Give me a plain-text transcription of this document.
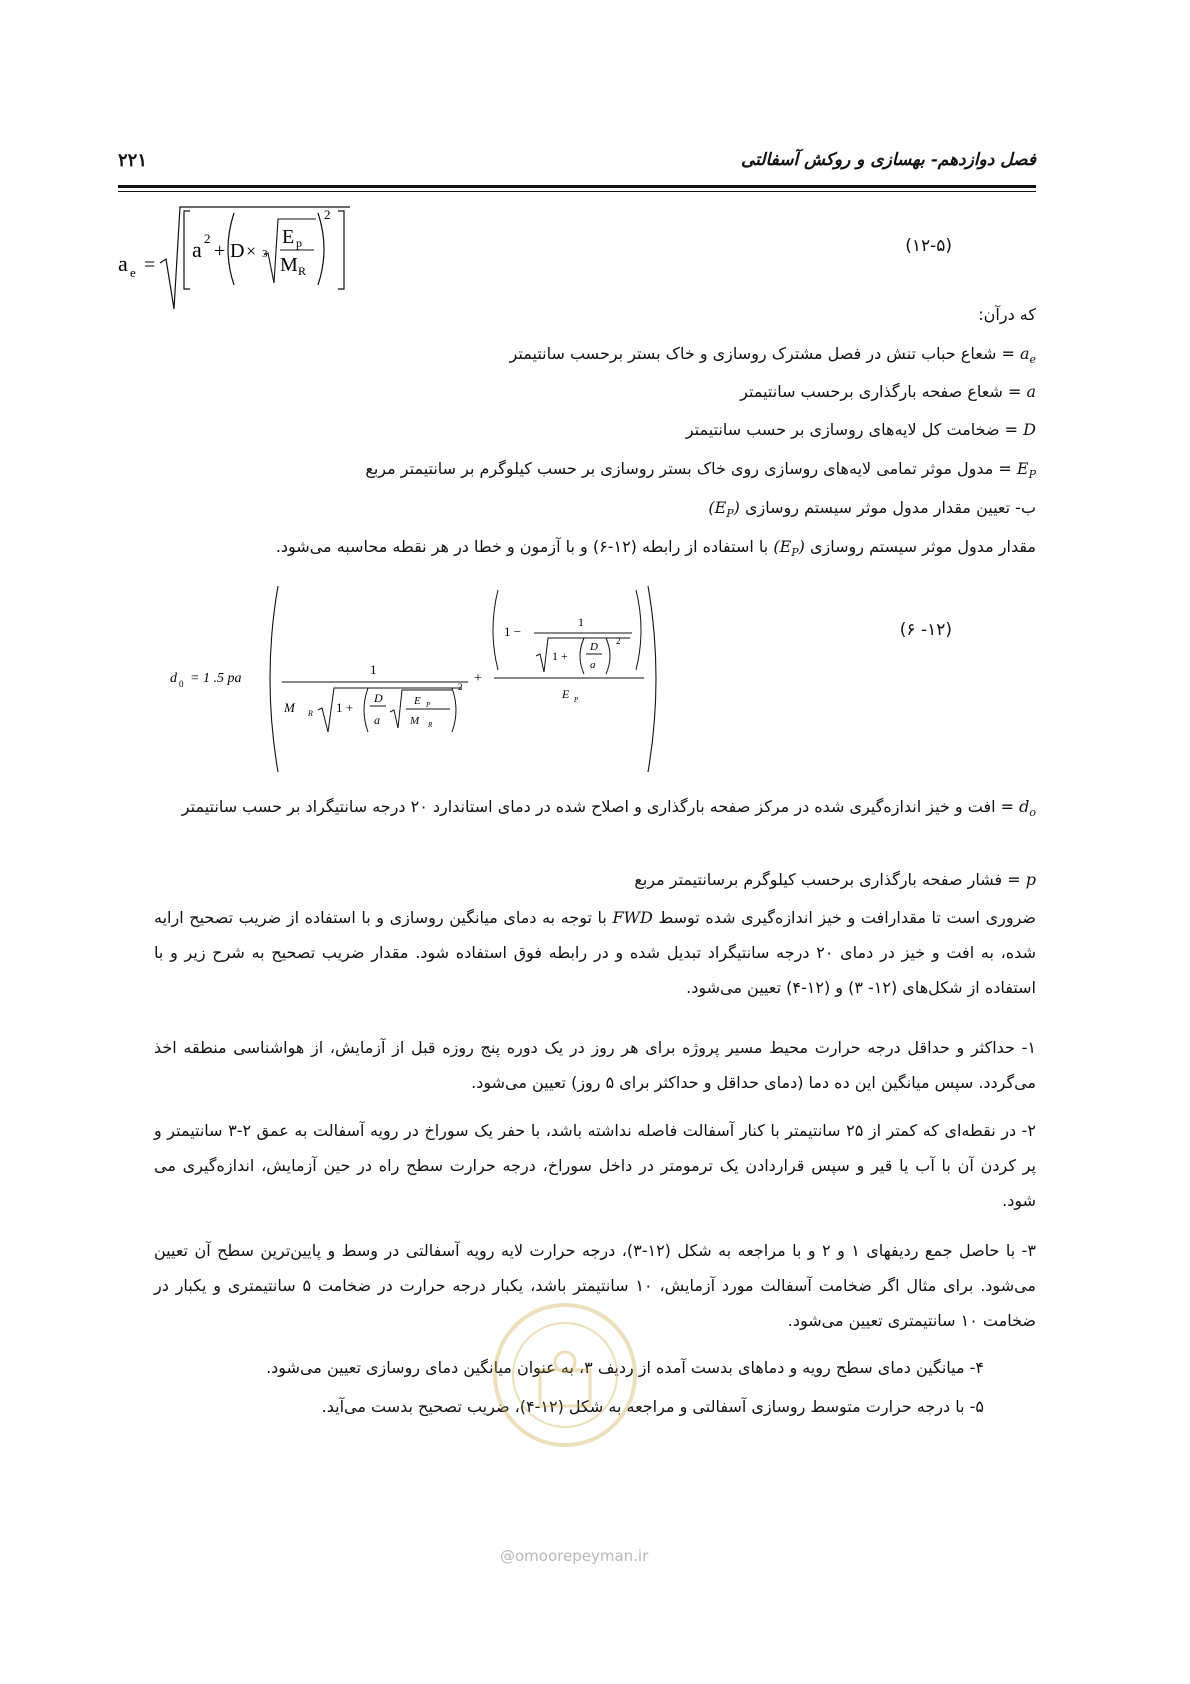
فصل دوازدهم- بهسازی و روکش آسفالتی
۲۲۱
a e =
a 2
+ D × 3
E p
M R
2
(۱۲-۵)
که درآن:
$a_e$ = شعاع حباب تنش در فصل مشترک روسازی و خاک بستر برحسب سانتیمتر
a = شعاع صفحه بارگذاری برحسب سانتیمتر
D = ضخامت کل لایه‌های روسازی بر حسب سانتیمتر
$E_P$ = مدول موثر تمامی لایه‌های روسازی روی خاک بستر روسازی بر حسب کیلوگرم بر سانتیمتر مربع
ب- تعیین مقدار مدول موثر سیستم روسازی $(E_P)$
مقدار مدول موثر سیستم روسازی $(E_P)$ با استفاده از رابطه (۱۲-۶) و با آزمون و خطا در هر نقطه محاسبه می‌شود.
d 0 = 1 .5 pa
1
M R 1 +
D
a
E P
M R
2
+
1 −
1
1 +
D
a
2
E P
(۱۲- ۶)
$d_o$ = افت و خیز اندازه‌گیری شده در مرکز صفحه بارگذاری و اصلاح شده در دمای استاندارد ۲۰ درجه سانتیگراد بر حسب سانتیمتر
p = فشار صفحه بارگذاری برحسب کیلوگرم برسانتیمتر مربع
ضروری است تا مقدارافت و خیز اندازه‌گیری شده توسط FWD با توجه به دمای میانگین روسازی و با استفاده از ضریب تصحیح ارایه شده، به افت و خیز در دمای ۲۰ درجه سانتیگراد تبدیل شده و در رابطه فوق استفاده شود. مقدار ضریب تصحیح به شرح زیر و با استفاده از شکل‌های (۱۲- ۳) و (۱۲-۴) تعیین می‌شود.
۱- حداکثر و حداقل درجه حرارت محیط مسیر پروژه برای هر روز در یک دوره پنج روزه قبل از آزمایش، از هواشناسی منطقه اخذ می‌گردد. سپس میانگین این ده دما (دمای حداقل و حداکثر برای ۵ روز) تعیین می‌شود.
۲- در نقطه‌ای که کمتر از ۲۵ سانتیمتر با کنار آسفالت فاصله نداشته باشد، با حفر یک سوراخ در رویه آسفالت به عمق ۲-۳ سانتیمتر و پر کردن آن با آب یا قیر و سپس قراردادن یک ترمومتر در داخل سوراخ، درجه حرارت سطح راه در حین آزمایش، اندازه‌گیری می شود.
۳- با حاصل جمع ردیفهای ۱ و ۲ و با مراجعه به شکل (۱۲-۳)، درجه حرارت لایه رویه آسفالتی در وسط و پایین‌ترین سطح آن تعیین می‌شود. برای مثال اگر ضخامت آسفالت مورد آزمایش، ۱۰ سانتیمتر باشد، یکبار درجه حرارت در ضخامت ۵ سانتیمتری و یکبار در ضخامت ۱۰ سانتیمتری تعیین می‌شود.
۴- میانگین دمای سطح رویه و دماهای بدست آمده از ردیف ۳، به عنوان میانگین دمای روسازی تعیین می‌شود.
۵- با درجه حرارت متوسط روسازی آسفالتی و مراجعه به شکل (۱۲-۴)، ضریب تصحیح بدست می‌آید.
@omoorepeyman.ir
